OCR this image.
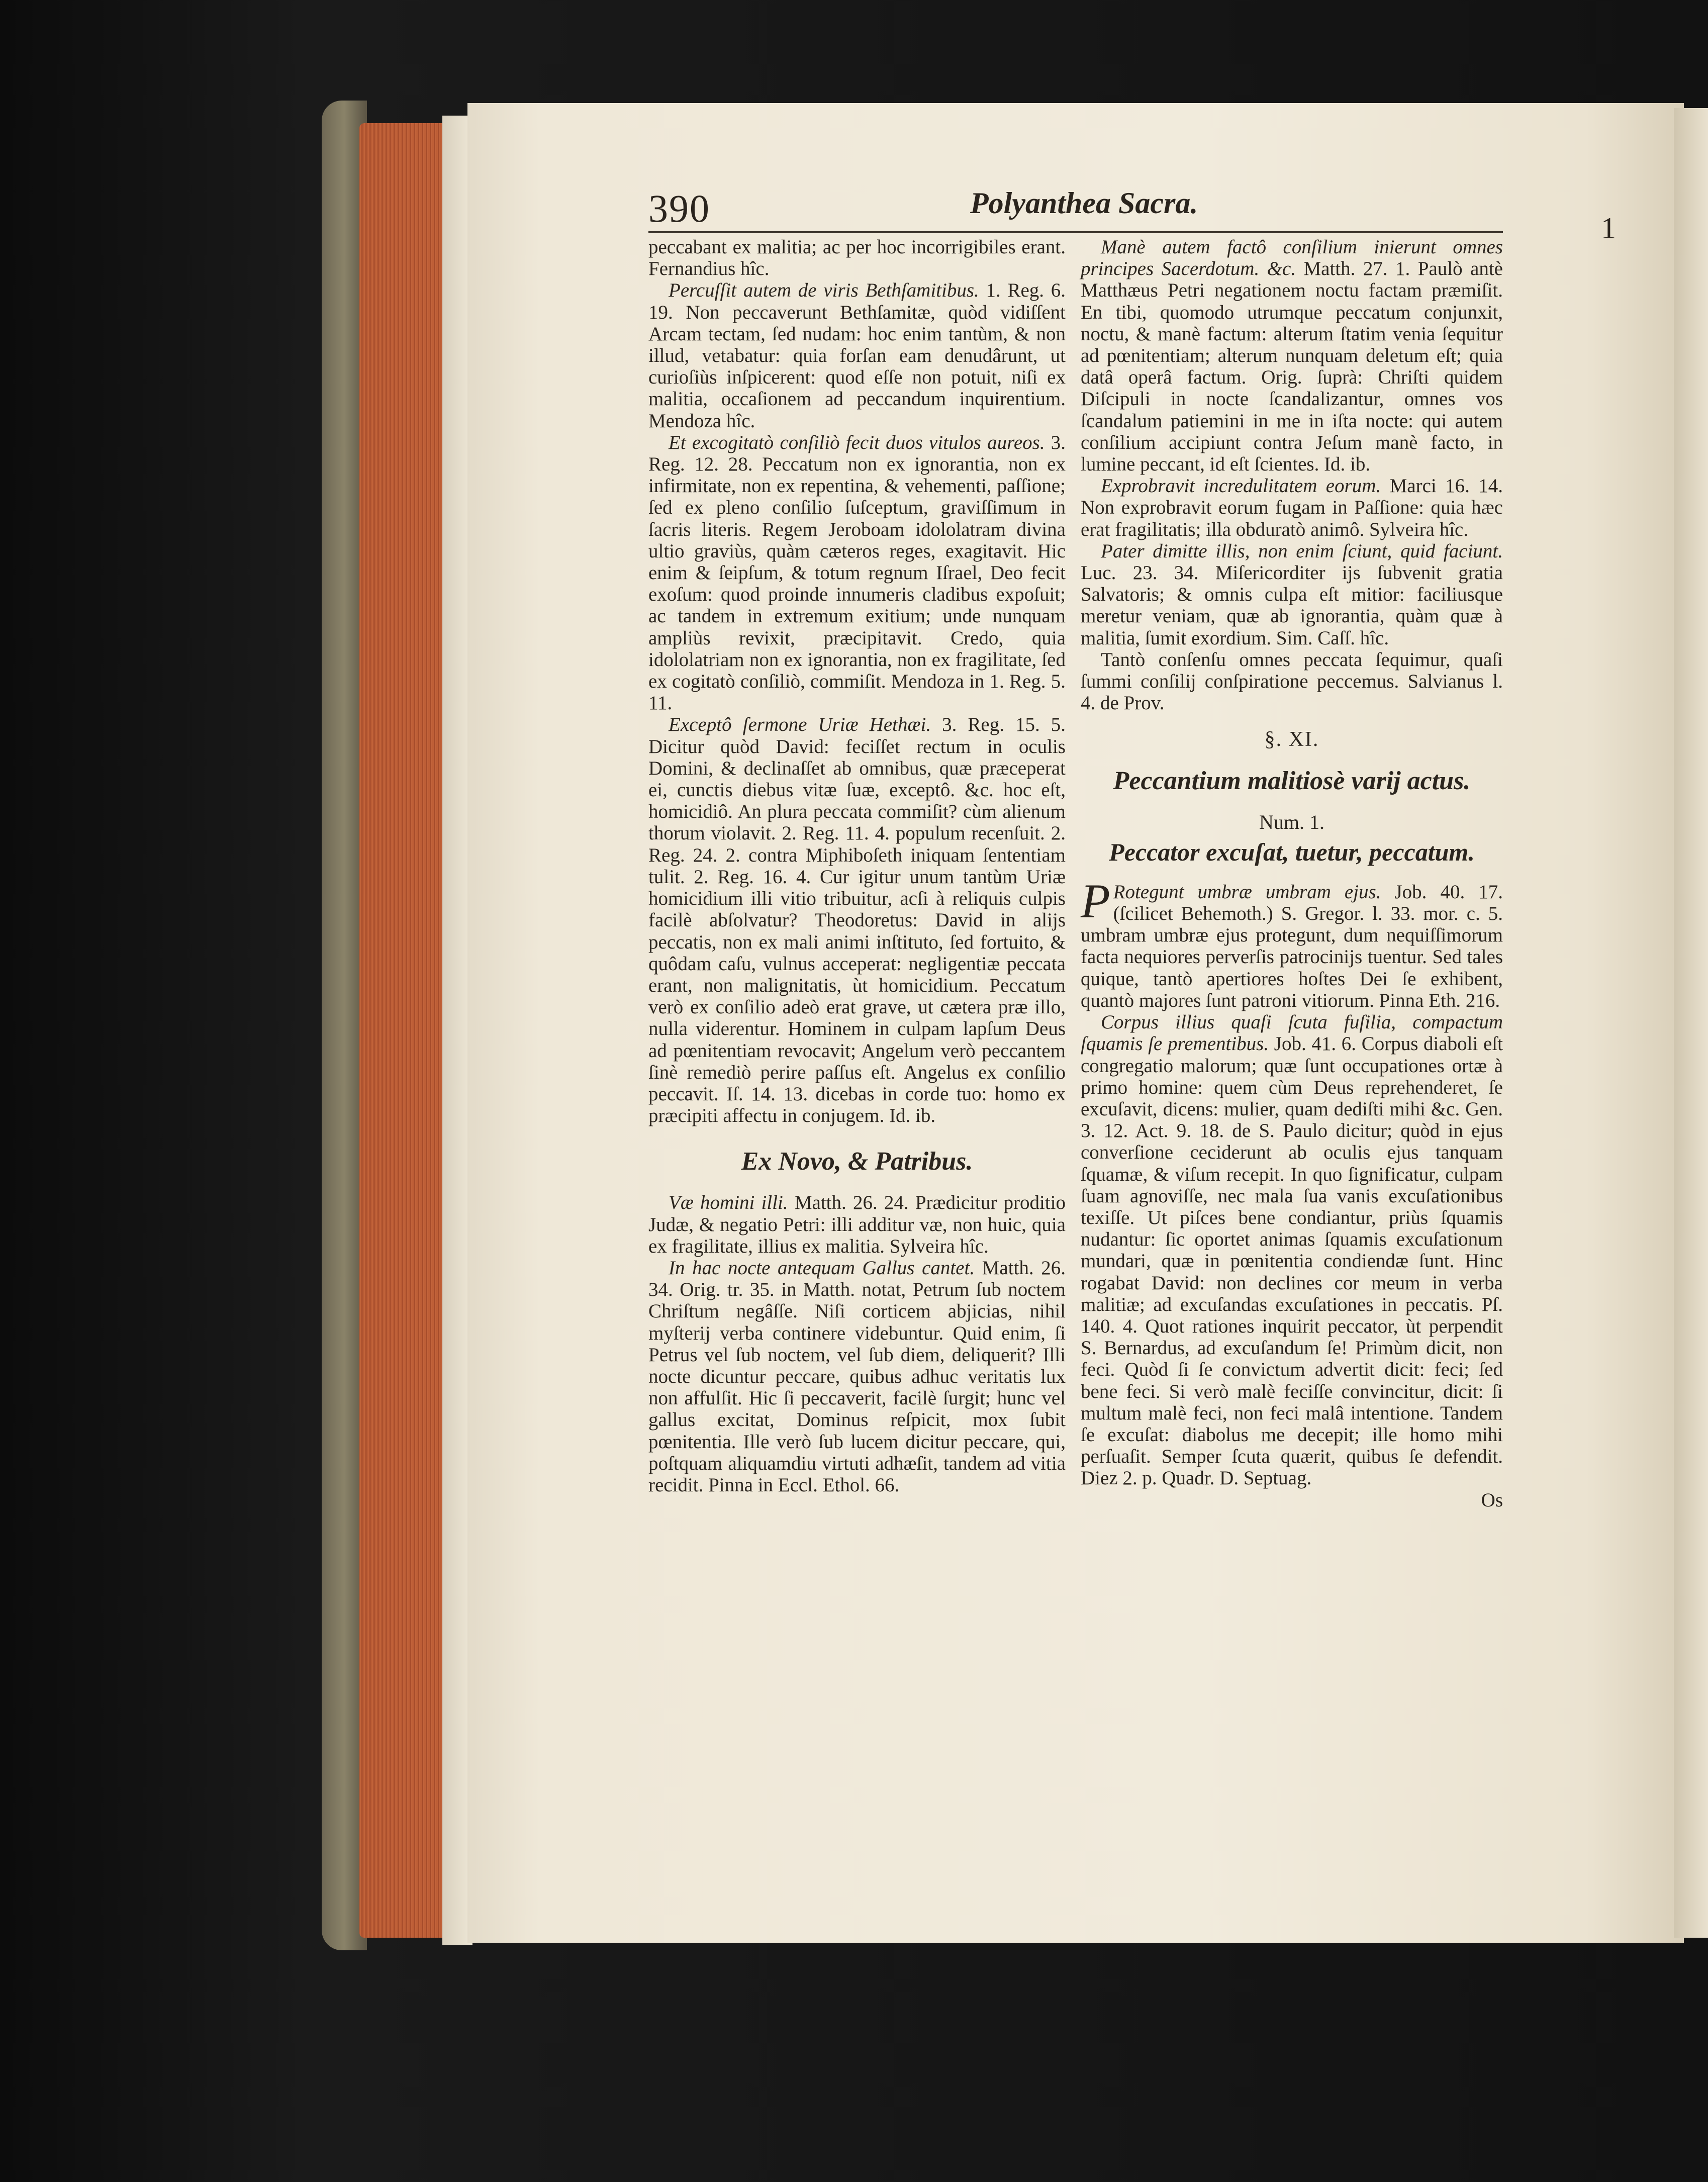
390	Polyanthea Sacra.
1

peccabant ex malitia; ac per hoc incorrigibiles erant. Fernandius hîc.

Percuſſit autem de viris Bethſamitibus. 1. Reg. 6. 19. Non peccaverunt Bethſamitæ, quòd vidiſſent Arcam tectam, ſed nudam: hoc enim tantùm, & non illud, vetabatur: quia forſan eam denudârunt, ut curioſiùs inſpicerent: quod eſſe non potuit, niſi ex malitia, occaſionem ad peccandum inquirentium. Mendoza hîc.

Et excogitatò conſiliò fecit duos vitulos aureos. 3. Reg. 12. 28. Peccatum non ex ignorantia, non ex infirmitate, non ex repentina, & vehementi, paſſione; ſed ex pleno conſilio ſuſceptum, graviſſimum in ſacris literis. Regem Jeroboam idololatram divina ultio graviùs, quàm cæteros reges, exagitavit. Hic enim & ſeipſum, & totum regnum Iſrael, Deo fecit exoſum: quod proinde innumeris cladibus expoſuit; ac tandem in extremum exitium; unde nunquam ampliùs revixit, præcipitavit. Credo, quia idololatriam non ex ignorantia, non ex fragilitate, ſed ex cogitatò conſiliò, commiſit. Mendoza in 1. Reg. 5. 11.

Exceptô ſermone Uriæ Hethæi. 3. Reg. 15. 5. Dicitur quòd David: feciſſet rectum in oculis Domini, & declinaſſet ab omnibus, quæ præceperat ei, cunctis diebus vitæ ſuæ, exceptô. &c. hoc eſt, homicidiô. An plura peccata commiſit? cùm alienum thorum violavit. 2. Reg. 11. 4. populum recenſuit. 2. Reg. 24. 2. contra Miphiboſeth iniquam ſententiam tulit. 2. Reg. 16. 4. Cur igitur unum tantùm Uriæ homicidium illi vitio tribuitur, acſi à reliquis culpis facilè abſolvatur? Theodoretus: David in alijs peccatis, non ex mali animi inſtituto, ſed fortuito, & quôdam caſu, vulnus acceperat: negligentiæ peccata erant, non malignitatis, ùt homicidium. Peccatum verò ex conſilio adeò erat grave, ut cætera præ illo, nulla viderentur. Hominem in culpam lapſum Deus ad pœnitentiam revocavit; Angelum verò peccantem ſinè remediò perire paſſus eſt. Angelus ex conſilio peccavit. Iſ. 14. 13. dicebas in corde tuo: homo ex præcipiti affectu in conjugem. Id. ib.

Ex Novo, & Patribus.

Væ homini illi. Matth. 26. 24. Prædicitur proditio Judæ, & negatio Petri: illi additur væ, non huic, quia ex fragilitate, illius ex malitia. Sylveira hîc.

In hac nocte antequam Gallus cantet. Matth. 26. 34. Orig. tr. 35. in Matth. notat, Petrum ſub noctem Chriſtum negâſſe. Niſi corticem abjicias, nihil myſterij verba continere videbuntur. Quid enim, ſi Petrus vel ſub noctem, vel ſub diem, deliquerit? Illi nocte dicuntur peccare, quibus adhuc veritatis lux non affulſit. Hic ſi peccaverit, facilè ſurgit; hunc vel gallus excitat, Dominus reſpicit, mox ſubit pœnitentia. Ille verò ſub lucem dicitur peccare, qui, poſtquam aliquamdiu virtuti adhæſit, tandem ad vitia recidit. Pinna in Eccl. Ethol. 66.

Manè autem factô conſilium inierunt omnes principes Sacerdotum. &c. Matth. 27. 1. Paulò antè Matthæus Petri negationem noctu factam præmiſit. En tibi, quomodo utrumque peccatum conjunxit, noctu, & manè factum: alterum ſtatim venia ſequitur ad pœnitentiam; alterum nunquam deletum eſt; quia datâ operâ factum. Orig. ſuprà: Chriſti quidem Diſcipuli in nocte ſcandalizantur, omnes vos ſcandalum patiemini in me in iſta nocte: qui autem conſilium accipiunt contra Jeſum manè facto, in lumine peccant, id eſt ſcientes. Id. ib.

Exprobravit incredulitatem eorum. Marci 16. 14. Non exprobravit eorum fugam in Paſſione: quia hæc erat fragilitatis; illa obduratò animô. Sylveira hîc.

Pater dimitte illis, non enim ſciunt, quid faciunt. Luc. 23. 34. Miſericorditer ijs ſubvenit gratia Salvatoris; & omnis culpa eſt mitior: faciliusque meretur veniam, quæ ab ignorantia, quàm quæ à malitia, ſumit exordium. Sim. Caſſ. hîc.

Tantò conſenſu omnes peccata ſequimur, quaſi ſummi conſilij conſpiratione peccemus. Salvianus l. 4. de Prov.

§. XI.
Peccantium malitiosè varij actus.
Num. 1.
Peccator excuſat, tuetur, peccatum.

P Rotegunt umbræ umbram ejus. Job. 40. 17. (ſcilicet Behemoth.) S. Gregor. l. 33. mor. c. 5. umbram umbræ ejus protegunt, dum nequiſſimorum facta nequiores perverſis patrocinijs tuentur. Sed tales quique, tantò apertiores hoſtes Dei ſe exhibent, quantò majores ſunt patroni vitiorum. Pinna Eth. 216.

Corpus illius quaſi ſcuta fuſilia, compactum ſquamis ſe prementibus. Job. 41. 6. Corpus diaboli eſt congregatio malorum; quæ ſunt occupationes ortæ à primo homine: quem cùm Deus reprehenderet, ſe excuſavit, dicens: mulier, quam dediſti mihi &c. Gen. 3. 12. Act. 9. 18. de S. Paulo dicitur; quòd in ejus converſione ceciderunt ab oculis ejus tanquam ſquamæ, & viſum recepit. In quo ſignificatur, culpam ſuam agnoviſſe, nec mala ſua vanis excuſationibus texiſſe. Ut piſces bene condiantur, priùs ſquamis nudantur: ſic oportet animas ſquamis excuſationum mundari, quæ in pœnitentia condiendæ ſunt. Hinc rogabat David: non declines cor meum in verba malitiæ; ad excuſandas excuſationes in peccatis. Pſ. 140. 4. Quot rationes inquirit peccator, ùt perpendit S. Bernardus, ad excuſandum ſe! Primùm dicit, non feci. Quòd ſi ſe convictum advertit dicit: feci; ſed bene feci. Si verò malè feciſſe convincitur, dicit: ſi multum malè feci, non feci malâ intentione. Tandem ſe excuſat: diabolus me decepit; ille homo mihi perſuaſit. Semper ſcuta quærit, quibus ſe defendit. Diez 2. p. Quadr. D. Septuag.

Os
